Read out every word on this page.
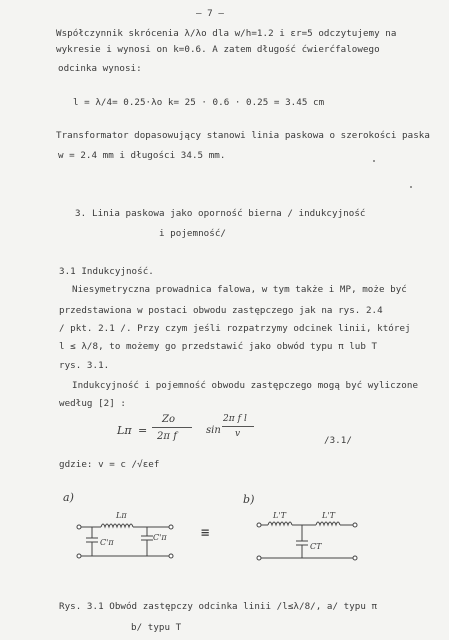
– 7 –
Współczynnik skrócenia λ/λo dla w/h=1.2 i εr=5 odczytujemy na
wykresie i wynosi on k=0.6. A zatem długość ćwierćfalowego
odcinka wynosi:
l = λ/4= 0.25·λo k= 25 · 0.6 · 0.25 = 3.45 cm
Transformator dopasowujący stanowi linia paskowa o szerokości paska
w = 2.4 mm i długości 34.5 mm.
3. Linia paskowa jako oporność bierna / indukcyjność
i pojemność/
3.1 Indukcyjność.
Niesymetryczna prowadnica falowa, w tym także i MP, może być
przedstawiona w postaci obwodu zastępczego jak na rys. 2.4
/ pkt. 2.1 /. Przy czym jeśli rozpatrzymy odcinek linii, której
l ≤ λ/8, to możemy go przedstawić jako obwód typu π lub T
rys. 3.1.
Indukcyjność i pojemność obwodu zastępczego mogą być wyliczone
według [2] :
Lπ =
Zo
2π f
sin
2π f l
v
/3.1/
gdzie: v = c /√εef
a)	b)
Lπ
C'π
C'π
L'T	L'T
CT
≡
Rys. 3.1 Obwód zastępczy odcinka linii /l≤λ/8/, a/ typu π
b/ typu T
